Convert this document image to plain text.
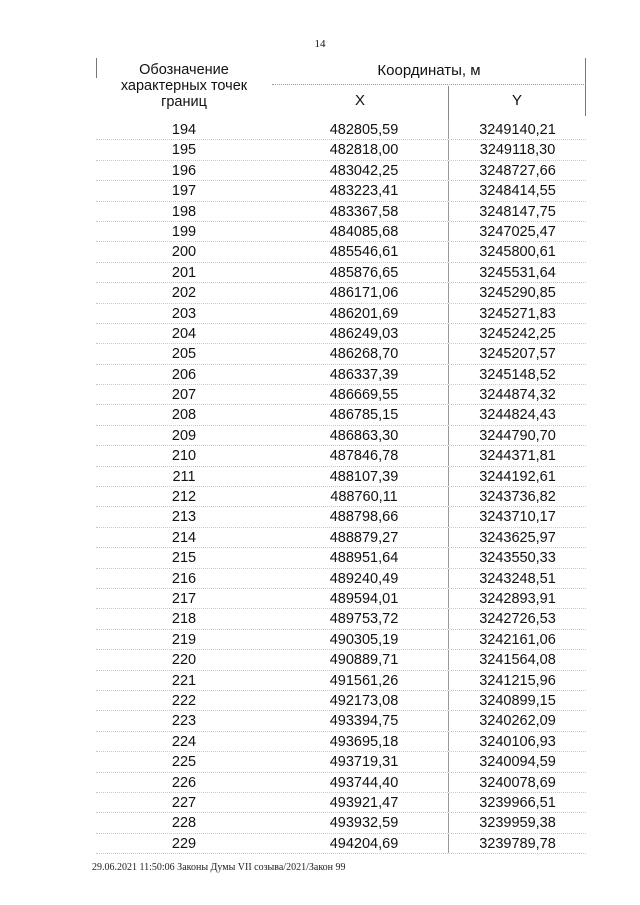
14
Обозначение характерных точек границ
Координаты, м
X	Y
194	482805,59	3249140,21
195	482818,00	3249118,30
196	483042,25	3248727,66
197	483223,41	3248414,55
198	483367,58	3248147,75
199	484085,68	3247025,47
200	485546,61	3245800,61
201	485876,65	3245531,64
202	486171,06	3245290,85
203	486201,69	3245271,83
204	486249,03	3245242,25
205	486268,70	3245207,57
206	486337,39	3245148,52
207	486669,55	3244874,32
208	486785,15	3244824,43
209	486863,30	3244790,70
210	487846,78	3244371,81
211	488107,39	3244192,61
212	488760,11	3243736,82
213	488798,66	3243710,17
214	488879,27	3243625,97
215	488951,64	3243550,33
216	489240,49	3243248,51
217	489594,01	3242893,91
218	489753,72	3242726,53
219	490305,19	3242161,06
220	490889,71	3241564,08
221	491561,26	3241215,96
222	492173,08	3240899,15
223	493394,75	3240262,09
224	493695,18	3240106,93
225	493719,31	3240094,59
226	493744,40	3240078,69
227	493921,47	3239966,51
228	493932,59	3239959,38
229	494204,69	3239789,78
29.06.2021 11:50:06 Законы Думы VII созыва/2021/Закон 99
